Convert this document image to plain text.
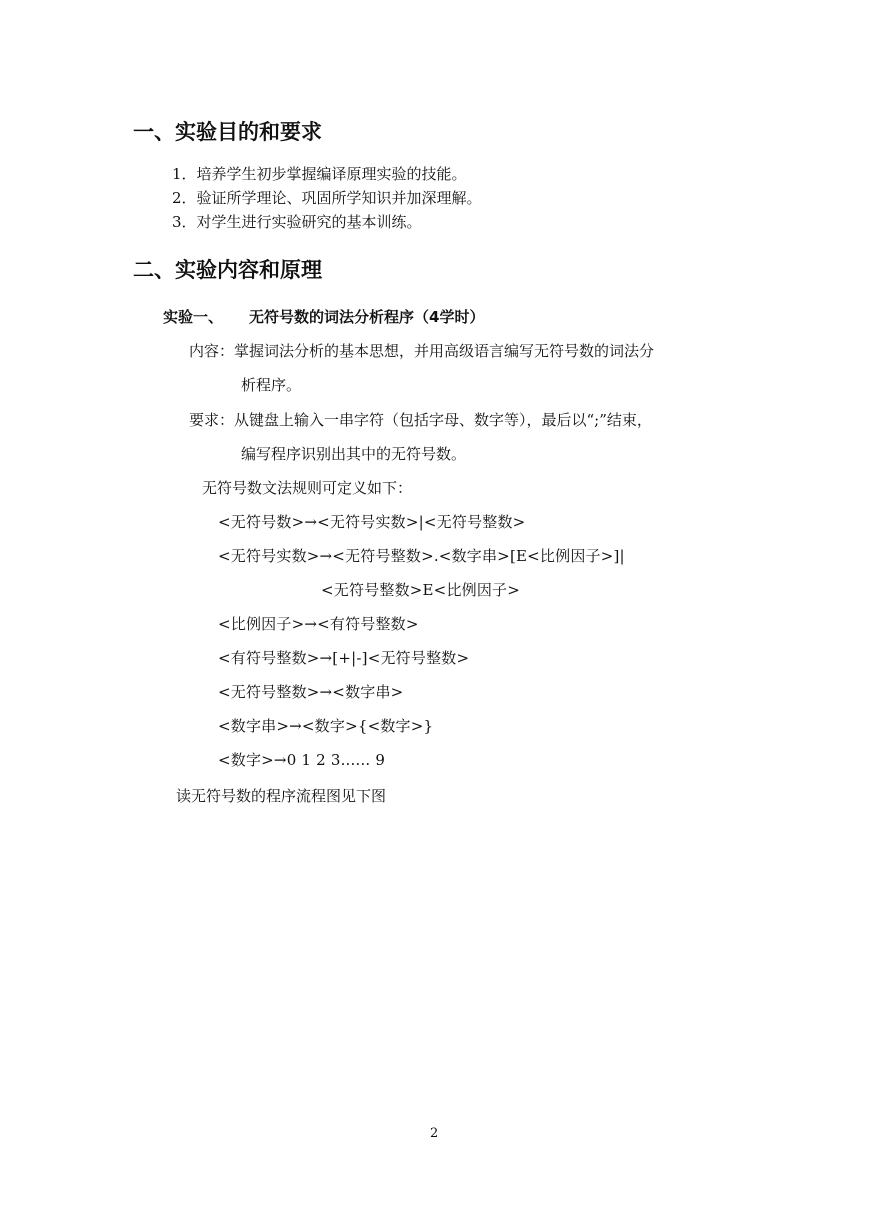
一、实验目的和要求
1．培养学生初步掌握编译原理实验的技能。
2．验证所学理论、巩固所学知识并加深理解。
3．对学生进行实验研究的基本训练。
二、实验内容和原理
实验一、 无符号数的词法分析程序（4学时）
内容：掌握词法分析的基本思想，并用高级语言编写无符号数的词法分
析程序。
要求：从键盘上输入一串字符（包括字母、数字等），最后以“;”结束，
编写程序识别出其中的无符号数。
无符号数文法规则可定义如下：
<无符号数>→<无符号实数>|<无符号整数>
<无符号实数>→<无符号整数>.<数字串>[E<比例因子>]|
<无符号整数>E<比例因子>
<比例因子>→<有符号整数>
<有符号整数>→[+|-]<无符号整数>
<无符号整数>→<数字串>
<数字串>→<数字>{<数字>}
<数字>→0 1 2 3...... 9
读无符号数的程序流程图见下图
2
